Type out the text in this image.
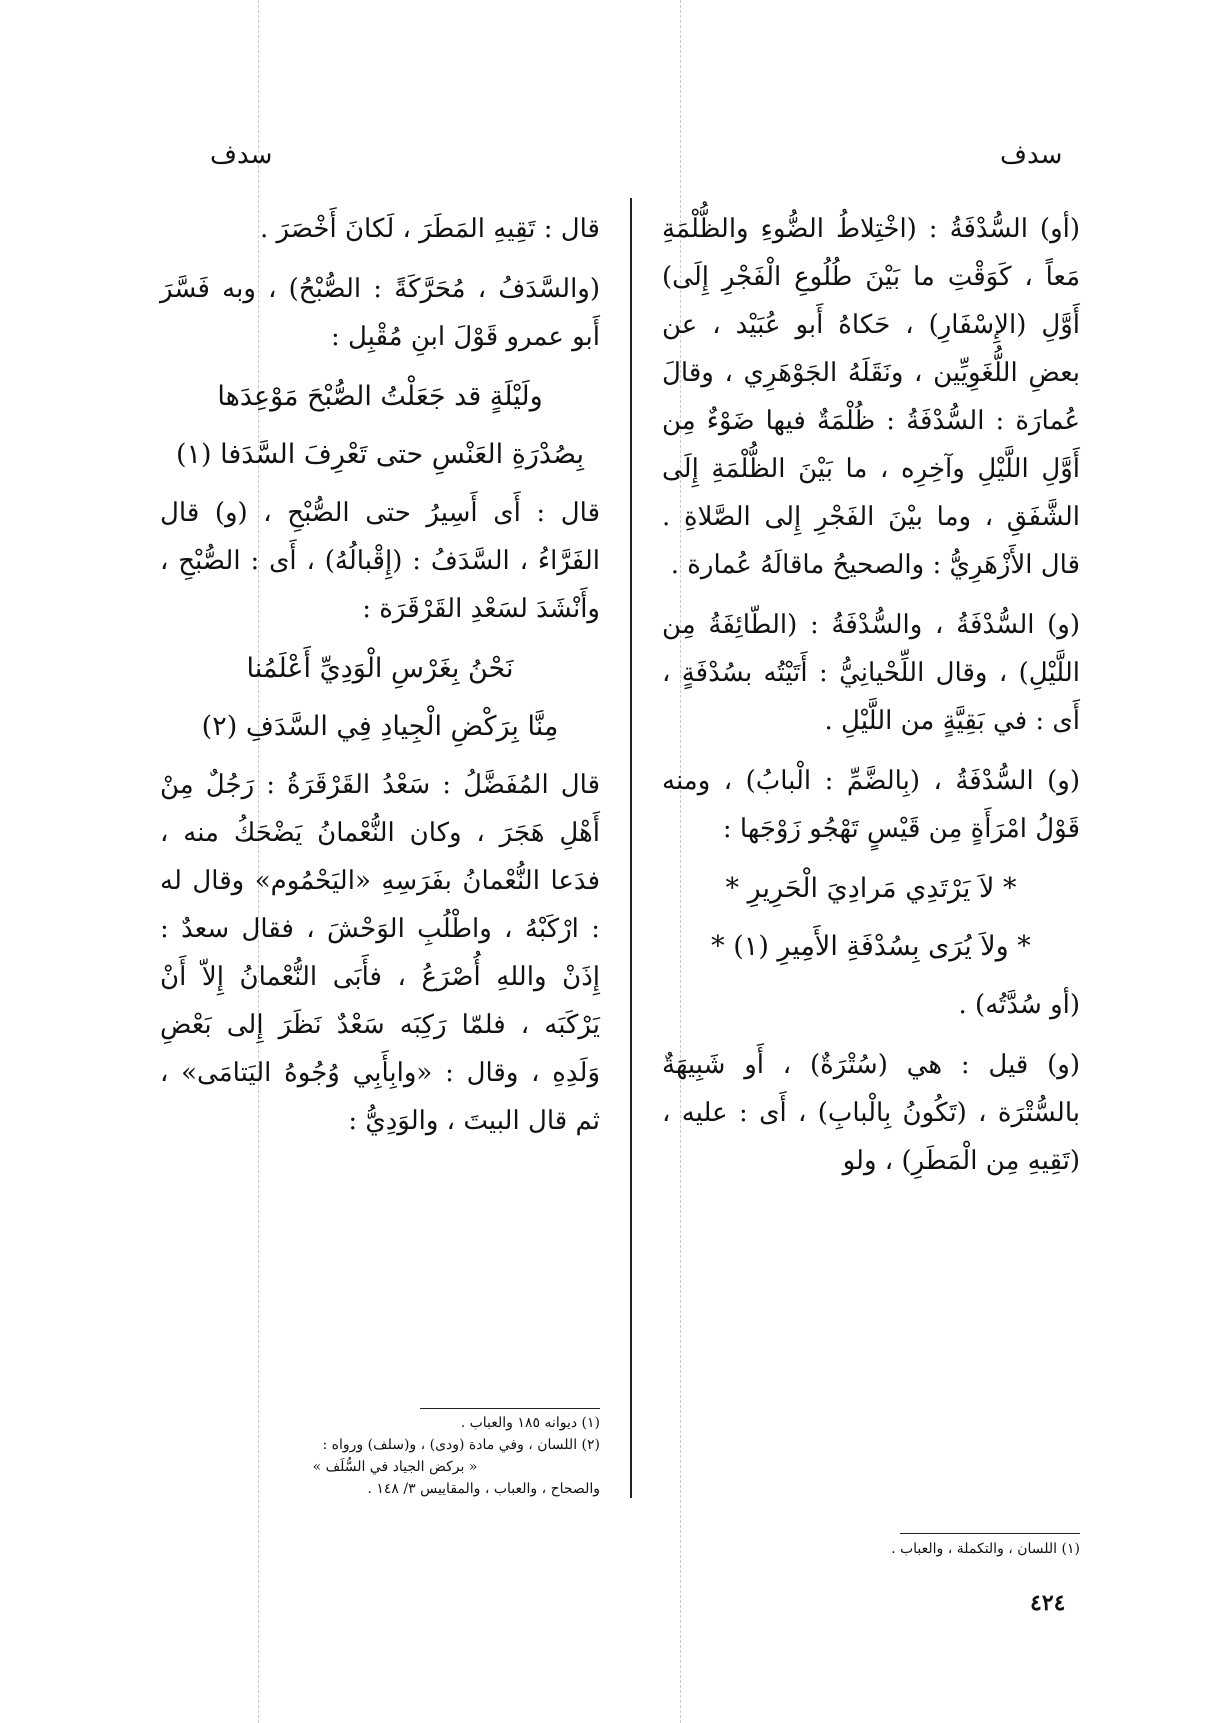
سدف
سدف

(أو) السُّدْفَةُ : (اخْتِلاطُ الضُّوءِ والظُّلْمَةِ مَعاً ، كَوَقْتِ ما بَيْنَ طُلُوعِ الْفَجْرِ إِلَى) أَوَّلِ (الإِسْفَارِ) ، حَكاهُ أَبو عُبَيْد ، عن بعضِ اللُّغَوِيِّين ، ونَقَلَهُ الجَوْهَرِي ، وقالَ عُمارَة : السُّدْفَةُ : ظُلْمَةٌ فيها ضَوْءٌ مِن أَوَّلِ اللَّيْلِ وآخِرِه ، ما بَيْنَ الظُّلْمَةِ إِلَى الشَّفَقِ ، وما بيْنَ الفَجْرِ إِلى الصَّلاةِ . قال الأَزْهَرِيُّ : والصحيحُ ماقالَهُ عُمارة .

(و) السُّدْفَةُ ، والسُّدْفَةُ : (الطّائِفَةُ مِن اللَّيْلِ) ، وقال اللِّحْيانِيُّ : أَتَيْتُه بسُدْفَةٍ ، أَى : في بَقِيَّةٍ من اللَّيْلِ .

(و) السُّدْفَةُ ، (بِالضَّمِّ : الْبابُ) ، ومنه قَوْلُ امْرَأَةٍ مِن قَيْسٍ تَهْجُو زَوْجَها :

* لاَ يَرْتَدِي مَرادِيَ الْحَرِيرِ *

* ولاَ يُرَى بِسُدْفَةِ الأَمِيرِ (١) *

(أو سُدَّتُه) .

(و) قيل : هي (سُتْرَةٌ) ، أَو شَبِيهَةٌ بالسُّتْرَة ، (تَكُونُ بِالْبابِ) ، أَى : عليه ، (تَقِيهِ مِن الْمَطَرِ) ، ولو

قال : تَقِيهِ المَطَرَ ، لَكانَ أَخْصَرَ .

(والسَّدَفُ ، مُحَرَّكَةً : الصُّبْحُ) ، وبه فَسَّرَ أَبو عمرو قَوْلَ ابنِ مُقْبِل :

ولَيْلَةٍ قد جَعَلْتُ الصُّبْحَ مَوْعِدَها

بِصُدْرَةِ العَنْسِ حتى تَعْرِفَ السَّدَفا (١)

قال : أَى أَسِيرُ حتى الصُّبْحِ ، (و) قال الفَرَّاءُ ، السَّدَفُ : (إِقْبالُهُ) ، أَى : الصُّبْحِ ، وأَنْشَدَ لسَعْدِ القَرْقَرَة :

نَحْنُ بِغَرْسِ الْوَدِيِّ أَعْلَمُنا

مِنَّا بِرَكْضِ الْجِيادِ فِي السَّدَفِ (٢)

قال المُفَضَّلُ : سَعْدُ القَرْقَرَةُ : رَجُلٌ مِنْ أَهْلِ هَجَرَ ، وكان النُّعْمانُ يَضْحَكُ منه ، فدَعا النُّعْمانُ بفَرَسِهِ «اليَحْمُوم» وقال له : ارْكَبْهُ ، واطْلُبِ الوَحْشَ ، فقال سعدٌ : إِذَنْ واللهِ أُصْرَعُ ، فأَبَى النُّعْمانُ إِلاّ أَنْ يَرْكَبَه ، فلمّا رَكِبَه سَعْدٌ نَظَرَ إِلى بَعْضِ وَلَدِهِ ، وقال : «وابِأَبِي وُجُوهُ اليَتامَى» ، ثم قال البيتَ ، والوَدِيُّ :

(١) ديوانه ١٨٥ والعباب .
(٢) اللسان ، وفي مادة (ودى) ، و(سلف) ورواه :
« بركض الجياد في السُّلَف »
والصحاح ، والعباب ، والمقاييس ٣/ ١٤٨ .
(١) اللسان ، والتكملة ، والعباب .
٤٢٤
